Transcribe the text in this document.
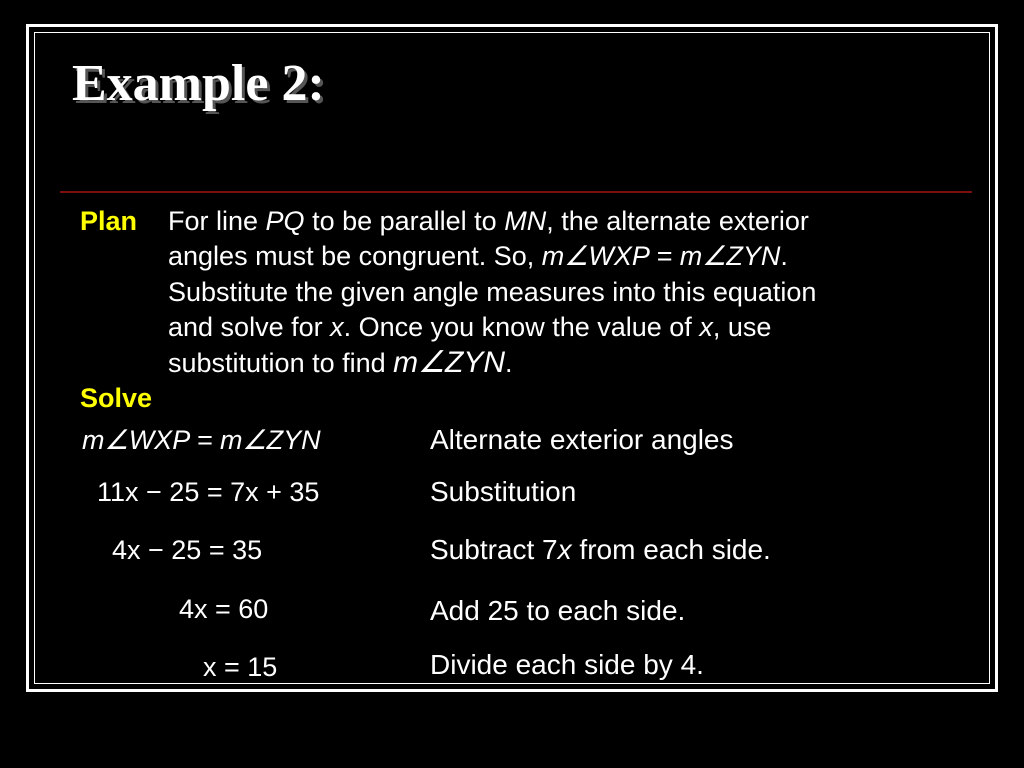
Example 2:
Plan For line PQ to be parallel to MN, the alternate exterior
angles must be congruent. So, m∠WXP = m∠ZYN.
Substitute the given angle measures into this equation
and solve for x. Once you know the value of x, use
substitution to find m∠ZYN.
Solve
m∠WXP = m∠ZYN	Alternate exterior angles
11x − 25 = 7x + 35	Substitution
4x − 25 = 35	Subtract 7x from each side.
4x = 60	Add 25 to each side.
x = 15	Divide each side by 4.
